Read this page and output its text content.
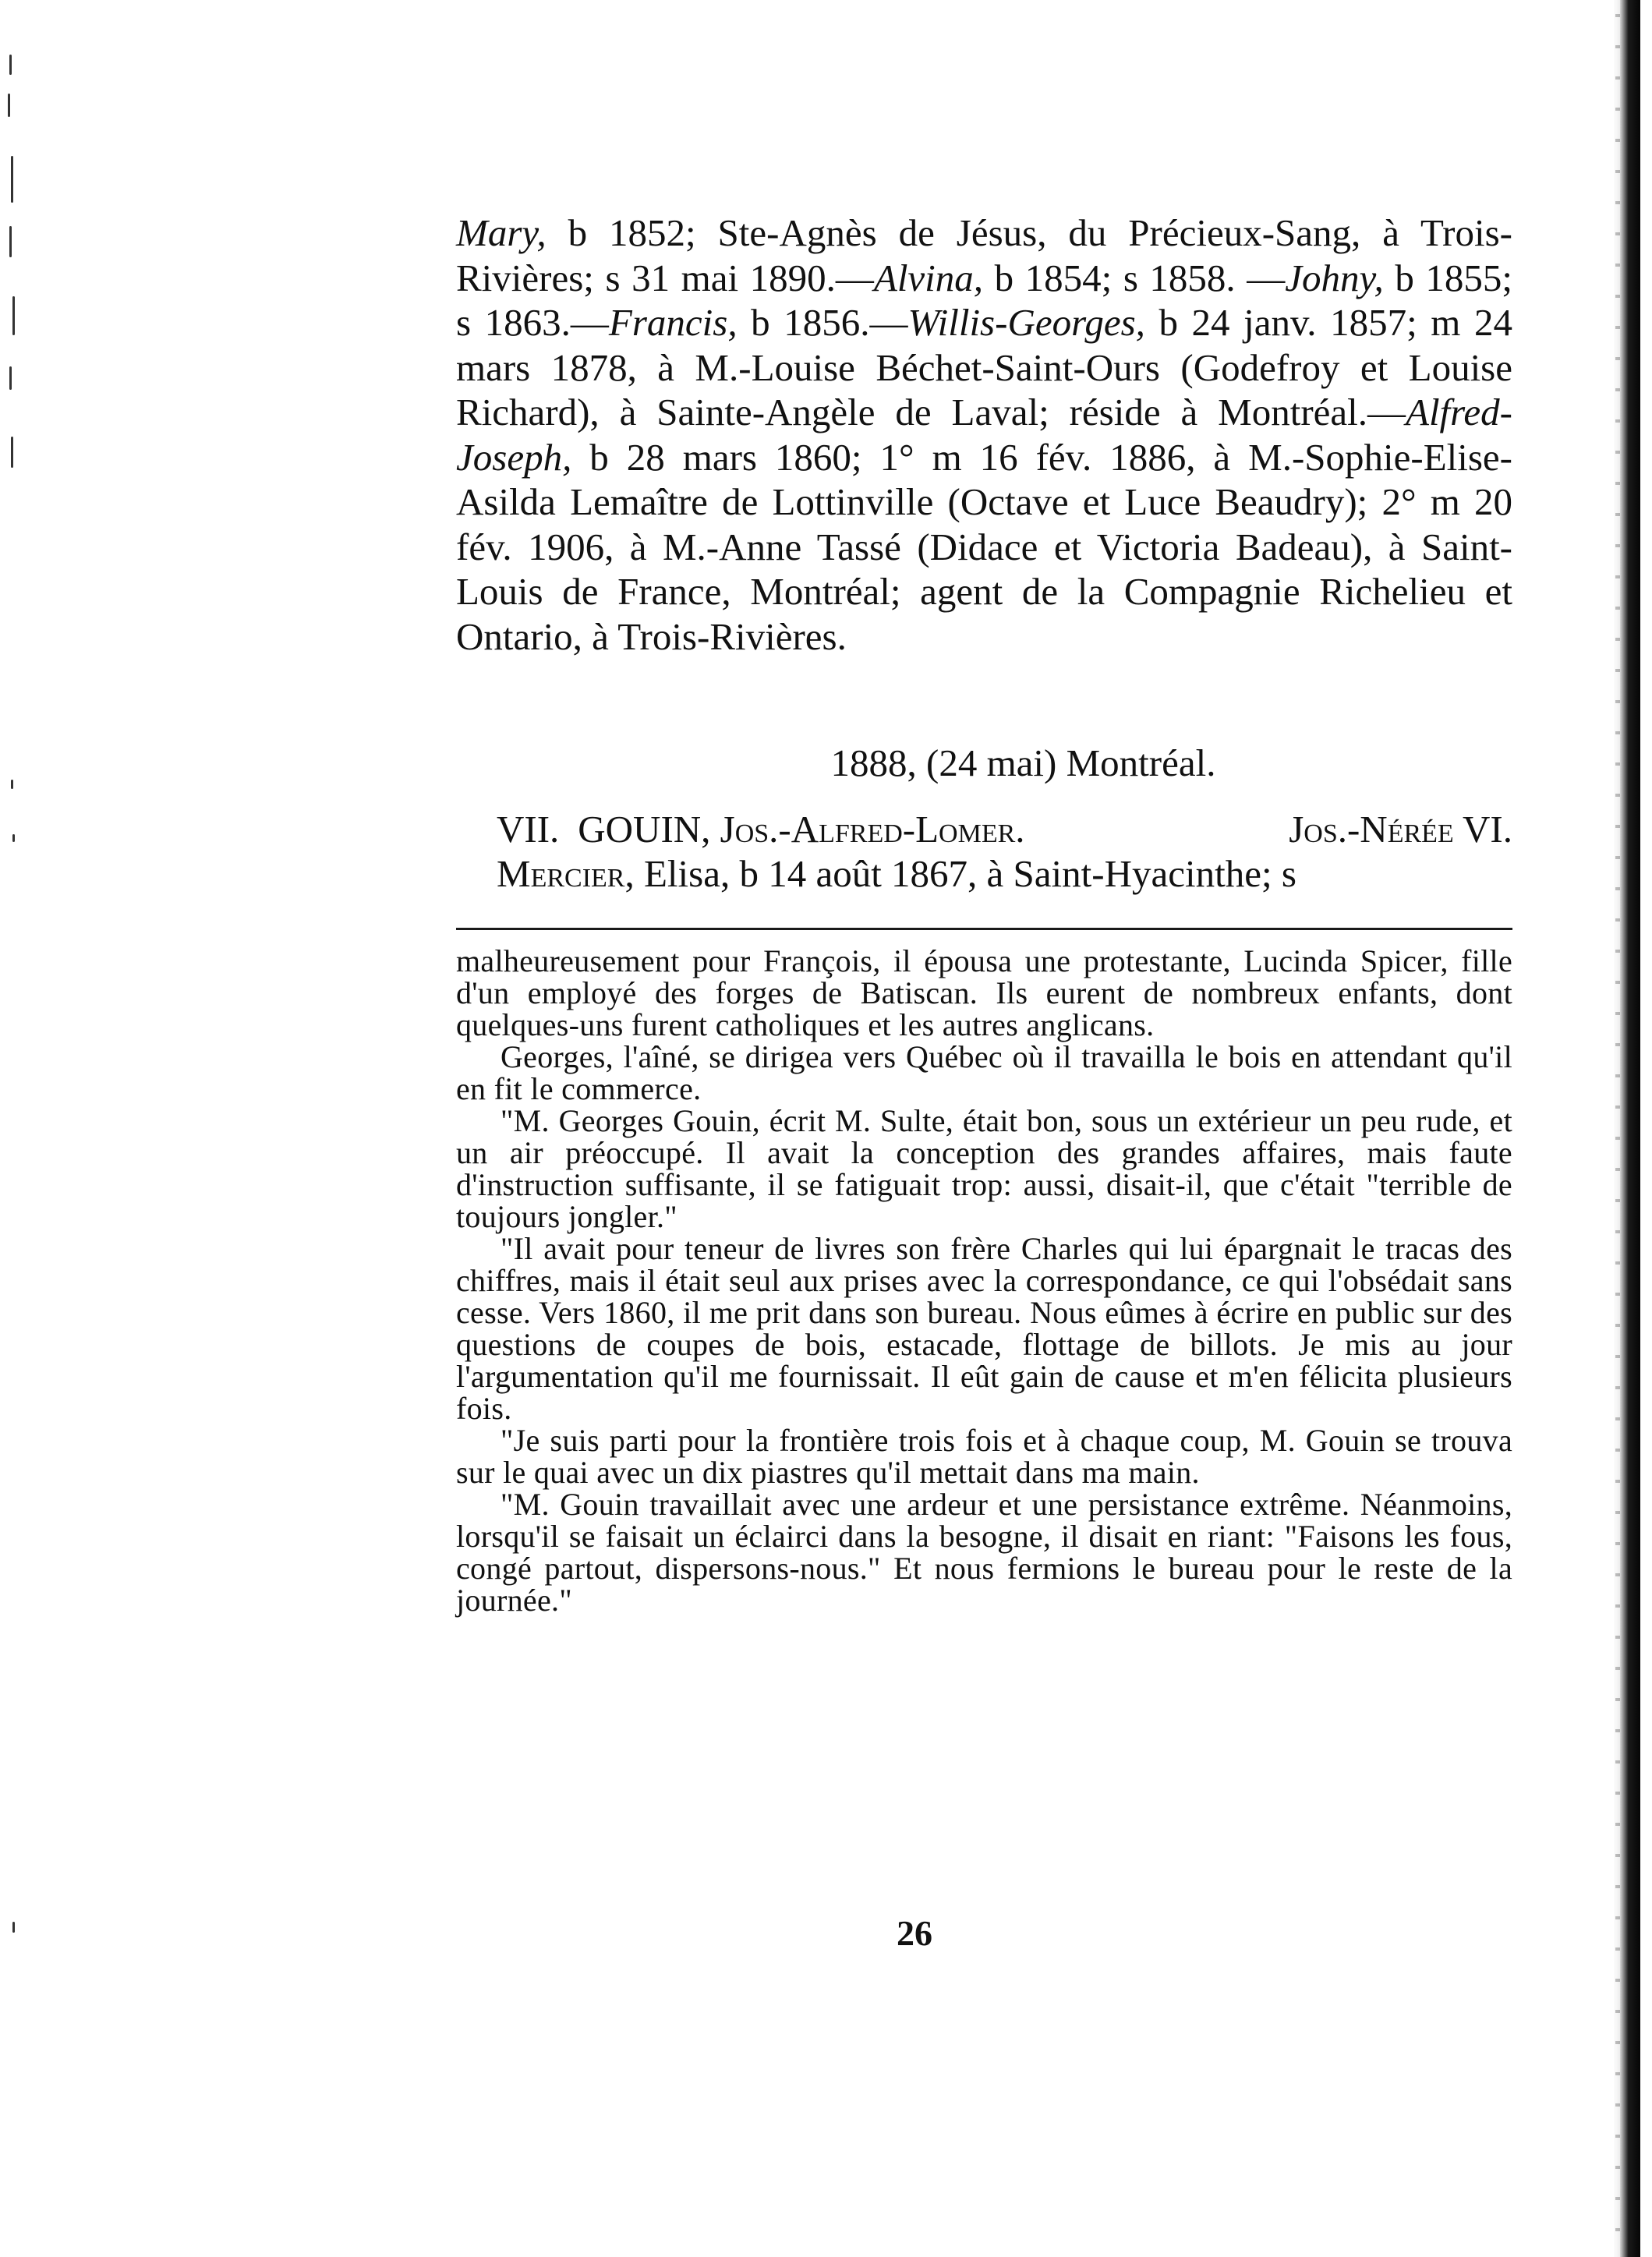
Mary, b 1852; Ste-Agnès de Jésus, du Précieux-Sang, à Trois-Rivières; s 31 mai 1890.—Alvina, b 1854; s 1858. —Johny, b 1855; s 1863.—Francis, b 1856.—Willis-Georges, b 24 janv. 1857; m 24 mars 1878, à M.-Louise Béchet-Saint-Ours (Godefroy et Louise Richard), à Sainte-Angèle de Laval; réside à Montréal.—Alfred-Joseph, b 28 mars 1860; 1° m 16 fév. 1886, à M.-Sophie-Elise-Asilda Lemaître de Lottinville (Octave et Luce Beaudry); 2° m 20 fév. 1906, à M.-Anne Tassé (Didace et Victoria Badeau), à Saint-Louis de France, Montréal; agent de la Compagnie Richelieu et Ontario, à Trois-Rivières.

1888, (24 mai) Montréal.
VII. GOUIN, Jos.-Alfred-Lomer.	Jos.-Nérée VI.
Mercier, Elisa, b 14 août 1867, à Saint-Hyacinthe; s

malheureusement pour François, il épousa une protestante, Lucinda Spicer, fille d'un employé des forges de Batiscan. Ils eurent de nombreux enfants, dont quelques-uns furent catholiques et les autres anglicans.

Georges, l'aîné, se dirigea vers Québec où il travailla le bois en attendant qu'il en fit le commerce.

"M. Georges Gouin, écrit M. Sulte, était bon, sous un extérieur un peu rude, et un air préoccupé. Il avait la conception des grandes affaires, mais faute d'instruction suffisante, il se fatiguait trop: aussi, disait-il, que c'était "terrible de toujours jongler."

"Il avait pour teneur de livres son frère Charles qui lui épargnait le tracas des chiffres, mais il était seul aux prises avec la correspondance, ce qui l'obsédait sans cesse. Vers 1860, il me prit dans son bureau. Nous eûmes à écrire en public sur des questions de coupes de bois, estacade, flottage de billots. Je mis au jour l'argumentation qu'il me fournissait. Il eût gain de cause et m'en félicita plusieurs fois.

"Je suis parti pour la frontière trois fois et à chaque coup, M. Gouin se trouva sur le quai avec un dix piastres qu'il mettait dans ma main.

"M. Gouin travaillait avec une ardeur et une persistance extrême. Néanmoins, lorsqu'il se faisait un éclairci dans la besogne, il disait en riant: "Faisons les fous, congé partout, dispersons-nous." Et nous fermions le bureau pour le reste de la journée."

26
